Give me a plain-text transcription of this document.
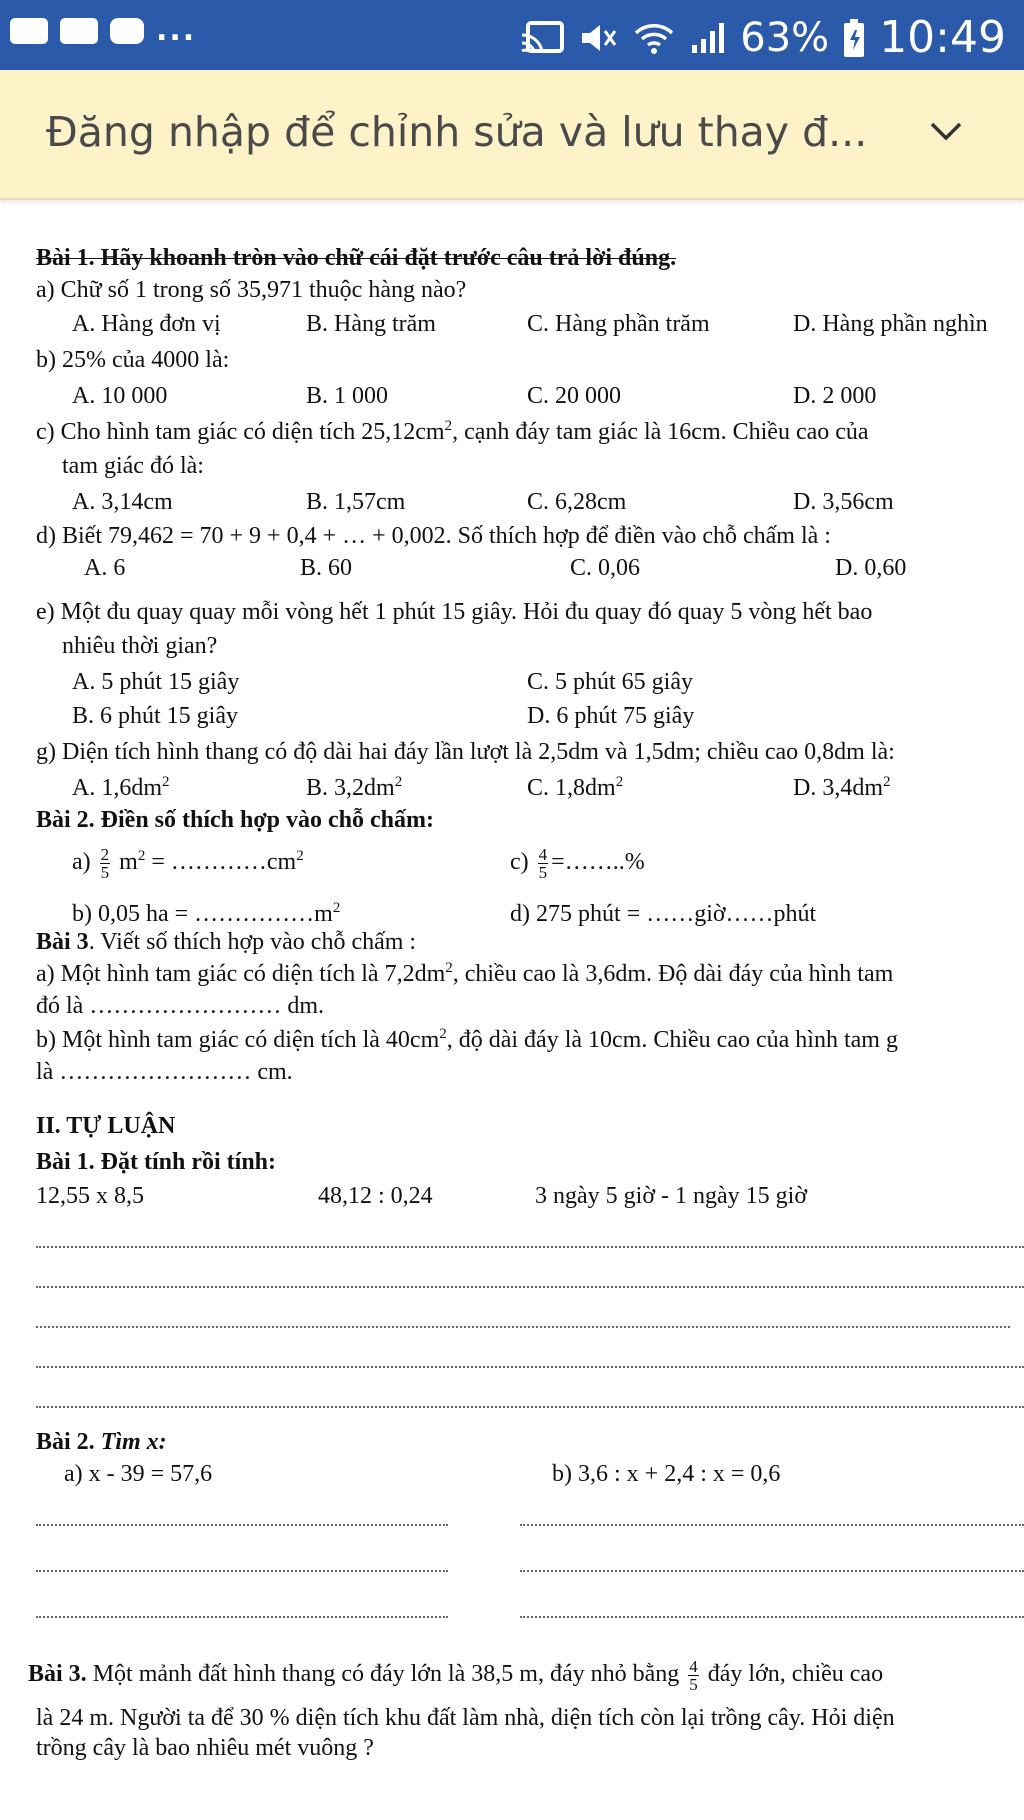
...	63% 10:49
Đăng nhập để chỉnh sửa và lưu thay đ...
Bài 1. Hãy khoanh tròn vào chữ cái đặt trước câu trả lời đúng.
a) Chữ số 1 trong số 35,971 thuộc hàng nào?
A. Hàng đơn vị	B. Hàng trăm	C. Hàng phần trăm	D. Hàng phần nghìn
b) 25% của 4000 là:
A. 10 000	B. 1 000	C. 20 000	D. 2 000
c) Cho hình tam giác có diện tích $25,12cm^2$, cạnh đáy tam giác là 16cm. Chiều cao của
tam giác đó là:
A. 3,14cm	B. 1,57cm	C. 6,28cm	D. 3,56cm
d) Biết 79,462 = 70 + 9 + 0,4 + … + 0,002. Số thích hợp để điền vào chỗ chấm là :
A. 6	B. 60	C. 0,06	D. 0,60
e) Một đu quay quay mỗi vòng hết 1 phút 15 giây. Hỏi đu quay đó quay 5 vòng hết bao
nhiêu thời gian?
A. 5 phút 15 giây	C. 5 phút 65 giây
B. 6 phút 15 giây	D. 6 phút 75 giây
g) Diện tích hình thang có độ dài hai đáy lần lượt là 2,5dm và 1,5dm; chiều cao 0,8dm là:
A. $1,6dm^2$	B. $3,2dm^2$	C. $1,8dm^2$	D. $3,4dm^2$
Bài 2. Điền số thích hợp vào chỗ chấm:
$a) \frac{2}{5} m^2$ = $\dots\dots\dots\dots cm^2$	$c) \frac{4}{5}$ =……..%
b) 0,05 ha = $\dots\dots\dots\dots\dots m^2$	d) 275 phút = ……giờ……phút
Bài 3. Viết số thích hợp vào chỗ chấm :
a) Một hình tam giác có diện tích là $7,2dm^2$, chiều cao là 3,6dm. Độ dài đáy của hình tam
đó là …………………… dm.
b) Một hình tam giác có diện tích là $40cm^2$, độ dài đáy là 10cm. Chiều cao của hình tam g
là …………………… cm.
II. TỰ LUẬN
Bài 1. Đặt tính rồi tính:
12,55 x 8,5	48,12 : 0,24	3 ngày 5 giờ - 1 ngày 15 giờ
Bài 2. Tìm x:
a) x - 39 = 57,6	b) 3,6 : x + 2,4 : x = 0,6
Bài 3. Một mảnh đất hình thang có đáy lớn là 38,5 m, đáy nhỏ bằng $\frac{4}{5}$ đáy lớn, chiều cao
là 24 m. Người ta để 30 % diện tích khu đất làm nhà, diện tích còn lại trồng cây. Hỏi diện
trồng cây là bao nhiêu mét vuông ?
